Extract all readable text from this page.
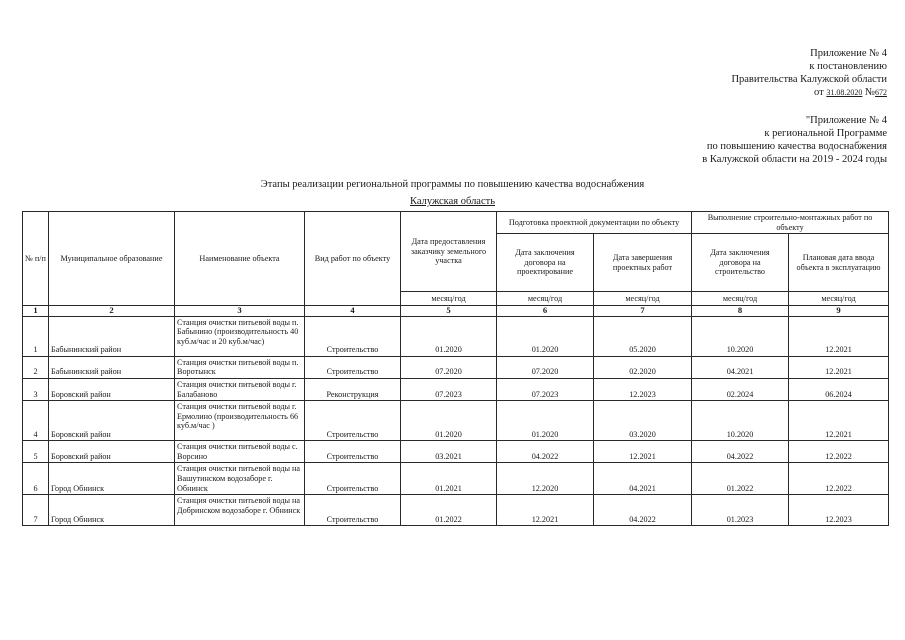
Приложение № 4
к постановлению
Правительства Калужской области
от 31.08.2020 №672
"Приложение № 4
к региональной Программе
по повышению качества водоснабжения
в Калужской области на 2019 - 2024 годы
Этапы реализации региональной программы по повышению качества водоснабжения
Калужская область
№ п/п	Муниципальное образование	Наименование объекта	Вид работ по объекту	Дата предоставления заказчику земельного участка	Подготовка проектной документации по объекту		Выполнение строительно-монтажных работ по объекту	
					Дата заключения договора на проектирование	Дата завершения проектных работ	Дата заключения договора на строительство	Плановая дата ввода объекта в эксплуатацию
				месяц/год	месяц/год	месяц/год	месяц/год	месяц/год
1	2	3	4	5	6	7	8	9
1	Бабынинский район	Станция очистки питьевой воды п. Бабынино (производительность 40 куб.м/час и 20 куб.м/час)	Строительство	01.2020	01.2020	05.2020	10.2020	12.2021
2	Бабынинский район	Станция очистки питьевой воды п. Воротынск	Строительство	07.2020	07.2020	02.2020	04.2021	12.2021
3	Боровский район	Станция очистки питьевой воды г. Балабаново	Реконструкция	07.2023	07.2023	12.2023	02.2024	06.2024
4	Боровский район	Станция очистки питьевой воды г. Ермолино (производительность 66 куб.м/час )	Строительство	01.2020	01.2020	03.2020	10.2020	12.2021
5	Боровский район	Станция очистки питьевой воды с. Ворсино	Строительство	03.2021	04.2022	12.2021	04.2022	12.2022
6	Город Обнинск	Станция очистки питьевой воды на Вашутинском водозаборе г. Обнинск	Строительство	01.2021	12.2020	04.2021	01.2022	12.2022
7	Город Обнинск	Станция очистки питьевой воды на Добринском водозаборе г. Обнинск	Строительство	01.2022	12.2021	04.2022	01.2023	12.2023
